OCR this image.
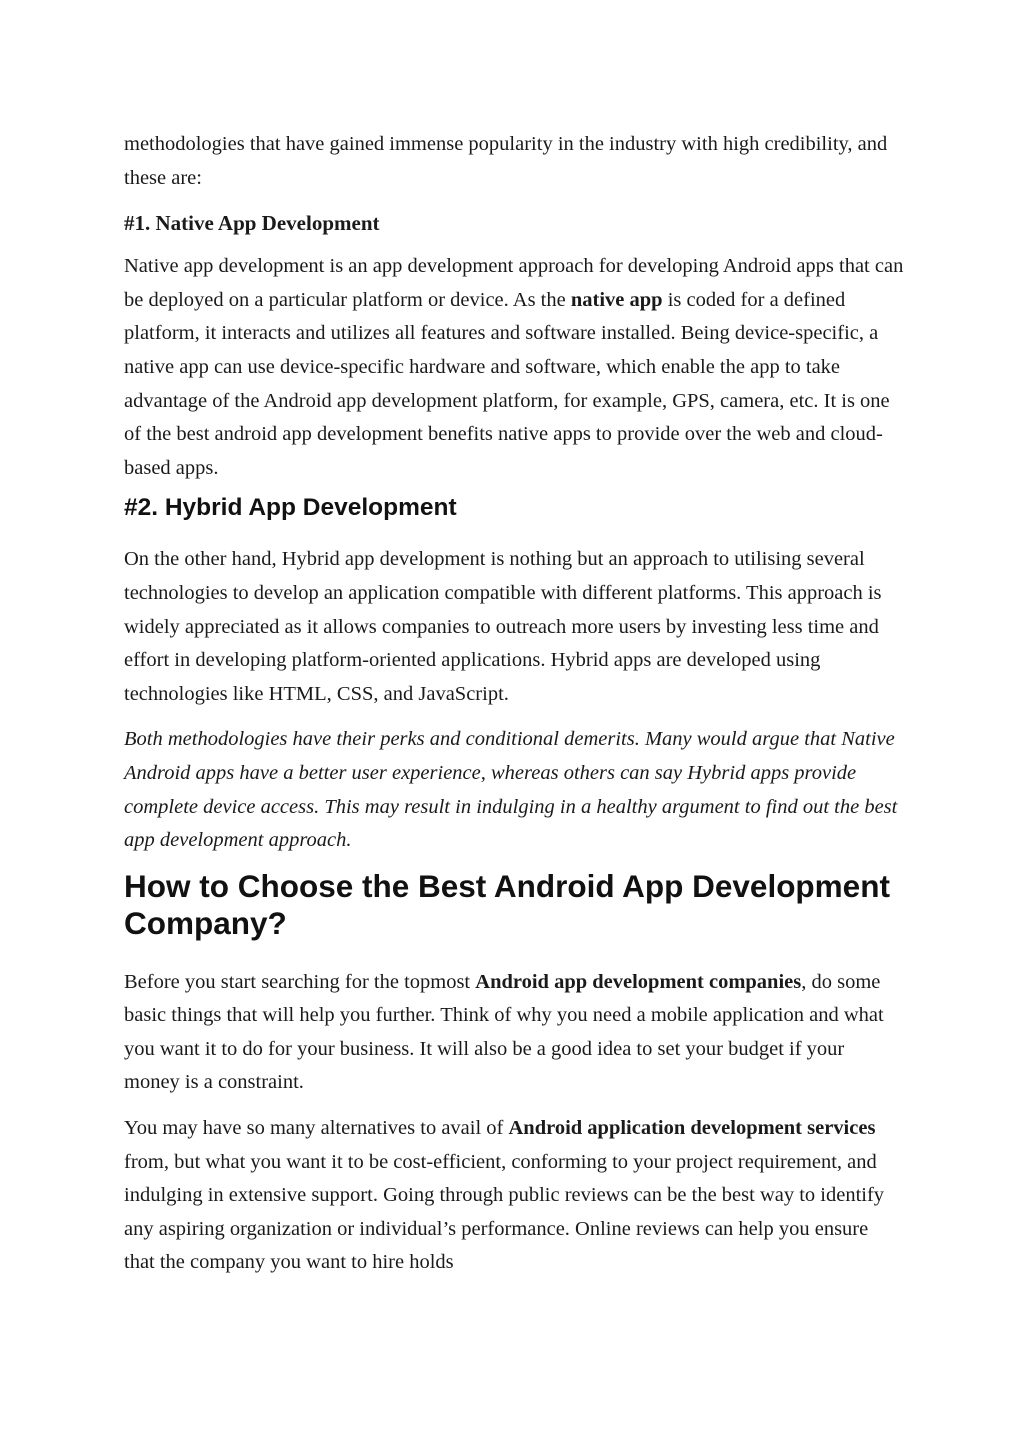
methodologies that have gained immense popularity in the industry with high credibility, and these are:

#1. Native App Development

Native app development is an app development approach for developing Android apps that can be deployed on a particular platform or device. As the native app is coded for a defined platform, it interacts and utilizes all features and software installed. Being device-specific, a native app can use device-specific hardware and software, which enable the app to take advantage of the Android app development platform, for example, GPS, camera, etc. It is one of the best android app development benefits native apps to provide over the web and cloud-based apps.

#2. Hybrid App Development

On the other hand, Hybrid app development is nothing but an approach to utilising several technologies to develop an application compatible with different platforms. This approach is widely appreciated as it allows companies to outreach more users by investing less time and effort in developing platform-oriented applications. Hybrid apps are developed using technologies like HTML, CSS, and JavaScript.

Both methodologies have their perks and conditional demerits. Many would argue that Native Android apps have a better user experience, whereas others can say Hybrid apps provide complete device access. This may result in indulging in a healthy argument to find out the best app development approach.

How to Choose the Best Android App Development Company?

Before you start searching for the topmost Android app development companies, do some basic things that will help you further. Think of why you need a mobile application and what you want it to do for your business. It will also be a good idea to set your budget if your money is a constraint.

You may have so many alternatives to avail of Android application development services from, but what you want it to be cost-efficient, conforming to your project requirement, and indulging in extensive support. Going through public reviews can be the best way to identify any aspiring organization or individual’s performance. Online reviews can help you ensure that the company you want to hire holds
